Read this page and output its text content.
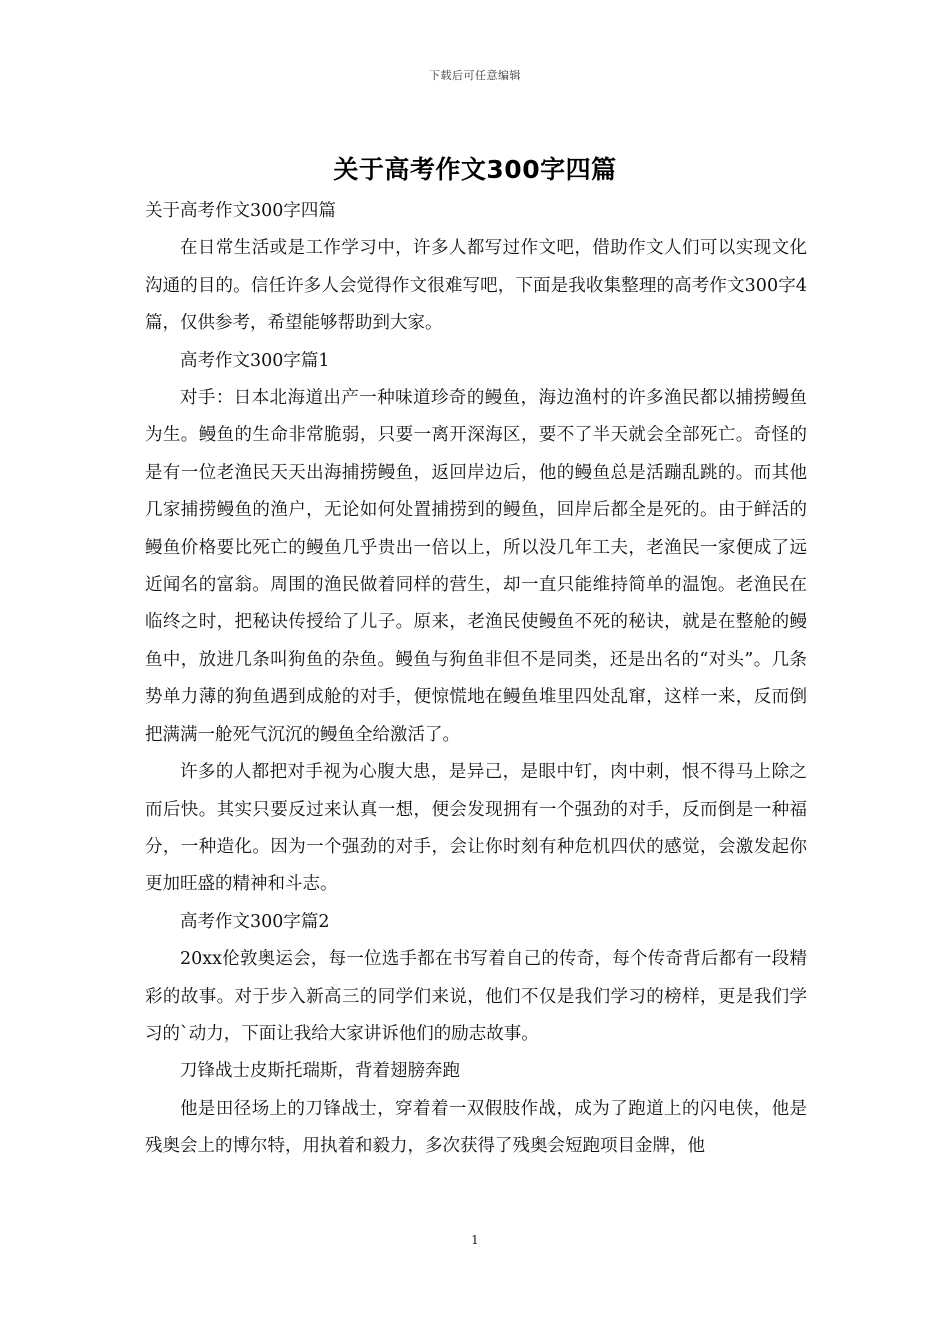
下载后可任意编辑
关于高考作文300字四篇

关于高考作文300字四篇

在日常生活或是工作学习中，许多人都写过作文吧，借助作文人们可以实现文化沟通的目的。信任许多人会觉得作文很难写吧，下面是我收集整理的高考作文300字4篇，仅供参考，希望能够帮助到大家。

高考作文300字篇1

对手：日本北海道出产一种味道珍奇的鳗鱼，海边渔村的许多渔民都以捕捞鳗鱼为生。鳗鱼的生命非常脆弱，只要一离开深海区，要不了半天就会全部死亡。奇怪的是有一位老渔民天天出海捕捞鳗鱼，返回岸边后，他的鳗鱼总是活蹦乱跳的。而其他几家捕捞鳗鱼的渔户，无论如何处置捕捞到的鳗鱼，回岸后都全是死的。由于鲜活的鳗鱼价格要比死亡的鳗鱼几乎贵出一倍以上，所以没几年工夫，老渔民一家便成了远近闻名的富翁。周围的渔民做着同样的营生，却一直只能维持简单的温饱。老渔民在临终之时，把秘诀传授给了儿子。原来，老渔民使鳗鱼不死的秘诀，就是在整舱的鳗鱼中，放进几条叫狗鱼的杂鱼。鳗鱼与狗鱼非但不是同类，还是出名的“对头”。几条势单力薄的狗鱼遇到成舱的对手，便惊慌地在鳗鱼堆里四处乱窜，这样一来，反而倒把满满一舱死气沉沉的鳗鱼全给激活了。

许多的人都把对手视为心腹大患，是异己，是眼中钉，肉中刺，恨不得马上除之而后快。其实只要反过来认真一想，便会发现拥有一个强劲的对手，反而倒是一种福分，一种造化。因为一个强劲的对手，会让你时刻有种危机四伏的感觉，会激发起你更加旺盛的精神和斗志。

高考作文300字篇2

20xx伦敦奥运会，每一位选手都在书写着自己的传奇，每个传奇背后都有一段精彩的故事。对于步入新高三的同学们来说，他们不仅是我们学习的榜样，更是我们学习的`动力，下面让我给大家讲诉他们的励志故事。

刀锋战士皮斯托瑞斯，背着翅膀奔跑

他是田径场上的刀锋战士，穿着着一双假肢作战，成为了跑道上的闪电侠，他是残奥会上的博尔特，用执着和毅力，多次获得了残奥会短跑项目金牌，他

1
